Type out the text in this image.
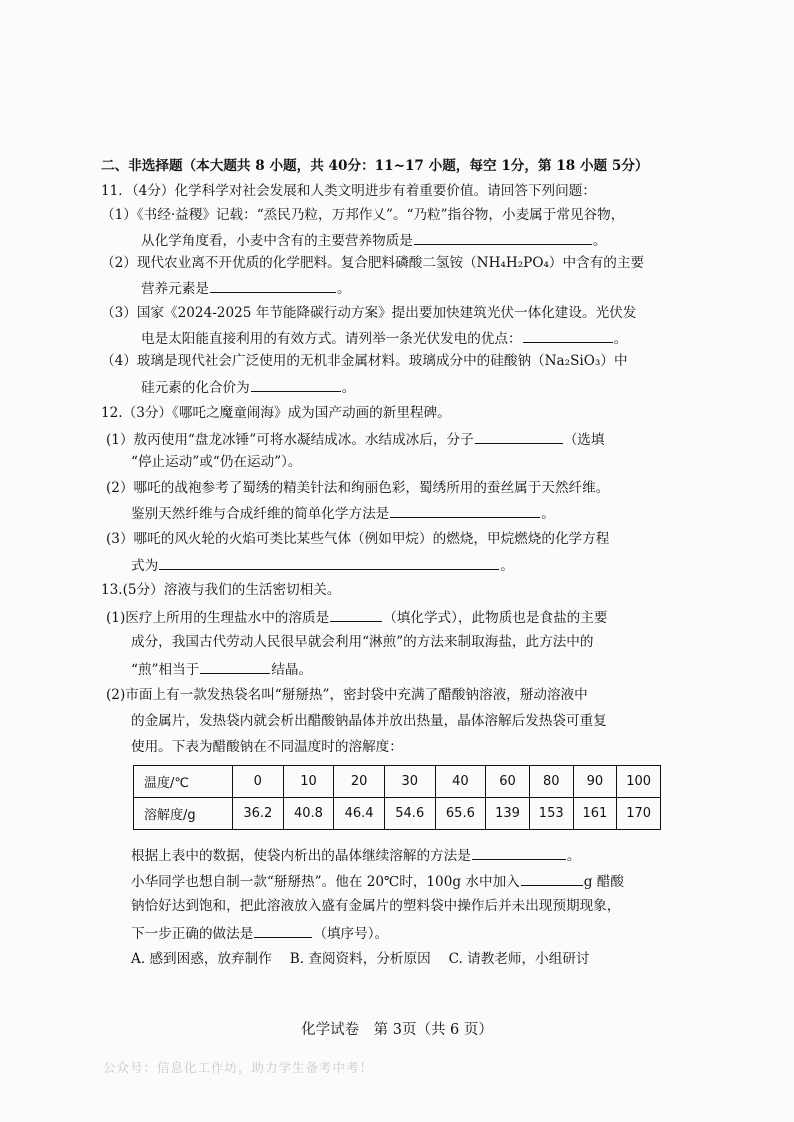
二、非选择题（本大题共 8 小题，共 40分：11~17 小题，每空 1分，第 18 小题 5分）
11．（4分）化学科学对社会发展和人类文明进步有着重要价值。请回答下列问题：
（1）《书经·益稷》记载：“烝民乃粒，万邦作乂”。“乃粒”指谷物，小麦属于常见谷物，
从化学角度看，小麦中含有的主要营养物质是	。
（2）现代农业离不开优质的化学肥料。复合肥料磷酸二氢铵（NH₄H₂PO₄）中含有的主要
营养元素是	。
（3）国家《2024-2025 年节能降碳行动方案》提出要加快建筑光伏一体化建设。光伏发
电是太阳能直接利用的有效方式。请列举一条光伏发电的优点：	。
（4）玻璃是现代社会广泛使用的无机非金属材料。玻璃成分中的硅酸钠（Na₂SiO₃）中
硅元素的化合价为	。
12.（3分）《哪吒之魔童闹海》成为国产动画的新里程碑。
(1）敖丙使用“盘龙冰锤”可将水凝结成冰。水结成冰后，分子	（选填
“停止运动”或“仍在运动”）。
(2）哪吒的战袍参考了蜀绣的精美针法和绚丽色彩，蜀绣所用的蚕丝属于天然纤维。
鉴别天然纤维与合成纤维的简单化学方法是	。
(3）哪吒的风火轮的火焰可类比某些气体（例如甲烷）的燃烧，甲烷燃烧的化学方程
式为	。
13.(5分）溶液与我们的生活密切相关。
(1)医疗上所用的生理盐水中的溶质是	（填化学式），此物质也是食盐的主要
成分，我国古代劳动人民很早就会利用“淋煎”的方法来制取海盐，此方法中的
“煎”相当于	结晶。
(2)市面上有一款发热袋名叫“掰掰热”，密封袋中充满了醋酸钠溶液，掰动溶液中
的金属片，发热袋内就会析出醋酸钠晶体并放出热量，晶体溶解后发热袋可重复
使用。下表为醋酸钠在不同温度时的溶解度：
温度/℃	0	10	20	30	40	60	80	90	100
溶解度/g	36.2	40.8	46.4	54.6	65.6	139	153	161	170
根据上表中的数据，使袋内析出的晶体继续溶解的方法是	。
小华同学也想自制一款“掰掰热”。他在 20℃时，100g 水中加入	g 醋酸
钠恰好达到饱和，把此溶液放入盛有金属片的塑料袋中操作后并未出现预期现象，
下一步正确的做法是	（填序号）。
A. 感到困惑，放弃制作　 B. 查阅资料，分析原因　 C. 请教老师，小组研讨
化学试卷　第 3页（共 6 页）
公众号：信息化工作坊，助力学生备考中考！
